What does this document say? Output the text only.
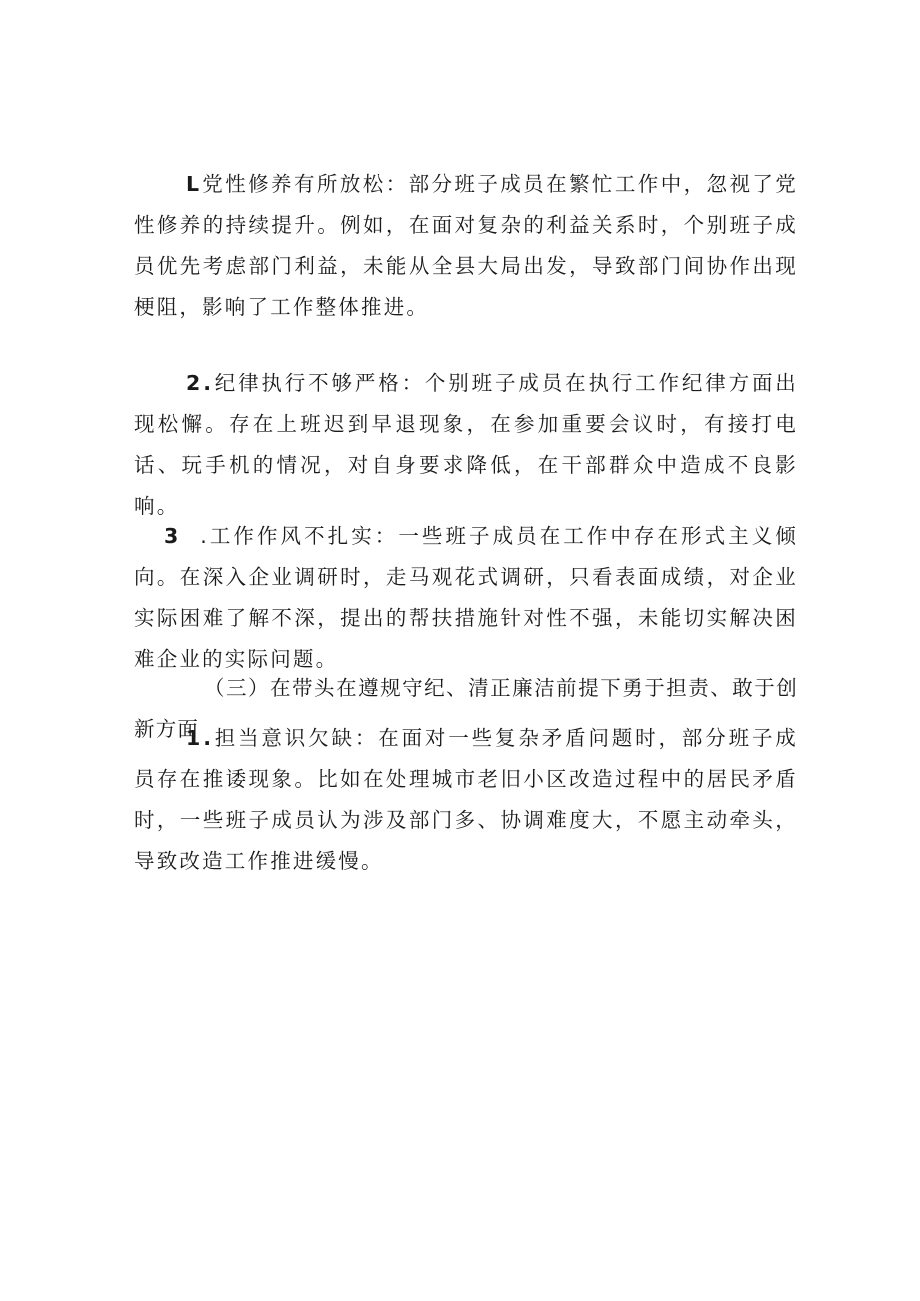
L党性修养有所放松：部分班子成员在繁忙工作中，忽视了党性修养的持续提升。例如，在面对复杂的利益关系时，个别班子成员优先考虑部门利益，未能从全县大局出发，导致部门间协作出现梗阻，影响了工作整体推进。

2.纪律执行不够严格：个别班子成员在执行工作纪律方面出现松懈。存在上班迟到早退现象，在参加重要会议时，有接打电话、玩手机的情况，对自身要求降低，在干部群众中造成不良影响。

3 .工作作风不扎实：一些班子成员在工作中存在形式主义倾向。在深入企业调研时，走马观花式调研，只看表面成绩，对企业实际困难了解不深，提出的帮扶措施针对性不强，未能切实解决困难企业的实际问题。

（三）在带头在遵规守纪、清正廉洁前提下勇于担责、敢于创新方面

1.担当意识欠缺：在面对一些复杂矛盾问题时，部分班子成员存在推诿现象。比如在处理城市老旧小区改造过程中的居民矛盾时，一些班子成员认为涉及部门多、协调难度大，不愿主动牵头，导致改造工作推进缓慢。
